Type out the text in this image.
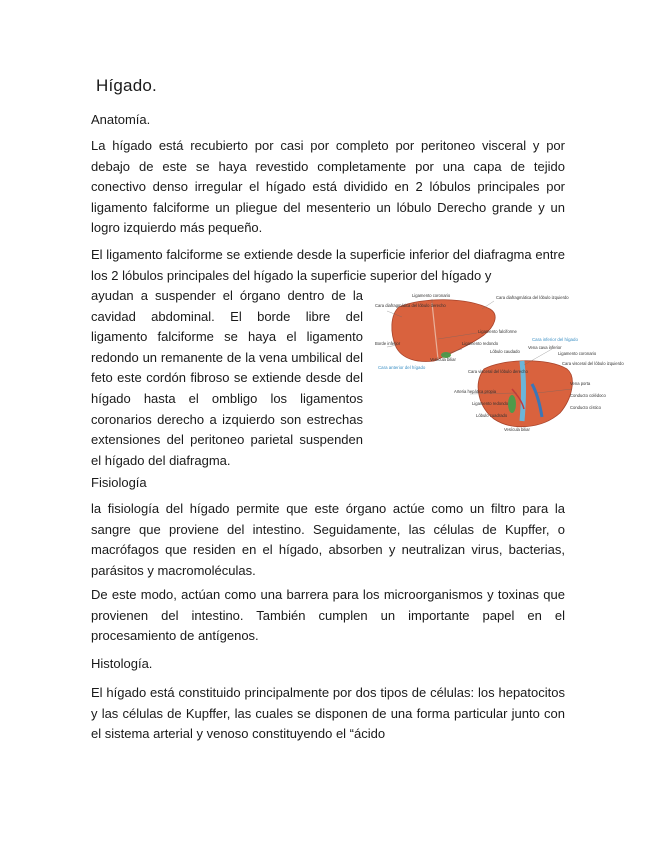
Hígado.
Anatomía.

La hígado está recubierto por casi por completo por peritoneo visceral y por debajo de este se haya revestido completamente por una capa de tejido conectivo denso irregular el hígado está dividido en 2 lóbulos principales por ligamento falciforme un pliegue del mesenterio un lóbulo Derecho grande y un logro izquierdo más pequeño.

El ligamento falciforme se extiende desde la superficie inferior del diafragma entre los 2 lóbulos principales del hígado la superficie superior del hígado y

ayudan a suspender el órgano dentro de la cavidad abdominal. El borde libre del ligamento falciforme se haya el ligamento redondo un remanente de la vena umbilical del feto este cordón fibroso se extiende desde del hígado hasta el ombligo los ligamentos coronarios derecho a izquierdo son estrechas extensiones del peritoneo parietal suspenden el hígado del diafragma.

Ligamento coronario
Cara diafragmática del lóbulo derecho
Cara diafragmática del lóbulo izquierdo
Borde inferior
Ligamento falciforme
Ligamento redondo
Vesícula biliar
Cara anterior del hígado
Cara inferior del hígado
Lóbulo caudado
Vena cava inferior
Ligamento coronario
Cara visceral del lóbulo izquierdo
Cara visceral del lóbulo derecho
Arteria hepática propia
Ligamento redondo
Lóbulo cuadrado
Vesícula biliar
Vena porta
Conducto colédoco
Conducto cístico
Fisiología

la fisiología del hígado permite que este órgano actúe como un filtro para la sangre que proviene del intestino. Seguidamente, las células de Kupffer, o macrófagos que residen en el hígado, absorben y neutralizan virus, bacterias, parásitos y macromoléculas.

De este modo, actúan como una barrera para los microorganismos y toxinas que provienen del intestino. También cumplen un importante papel en el procesamiento de antígenos.

Histología.

El hígado está constituido principalmente por dos tipos de células: los hepatocitos y las células de Kupffer, las cuales se disponen de una forma particular junto con el sistema arterial y venoso constituyendo el “ácido
